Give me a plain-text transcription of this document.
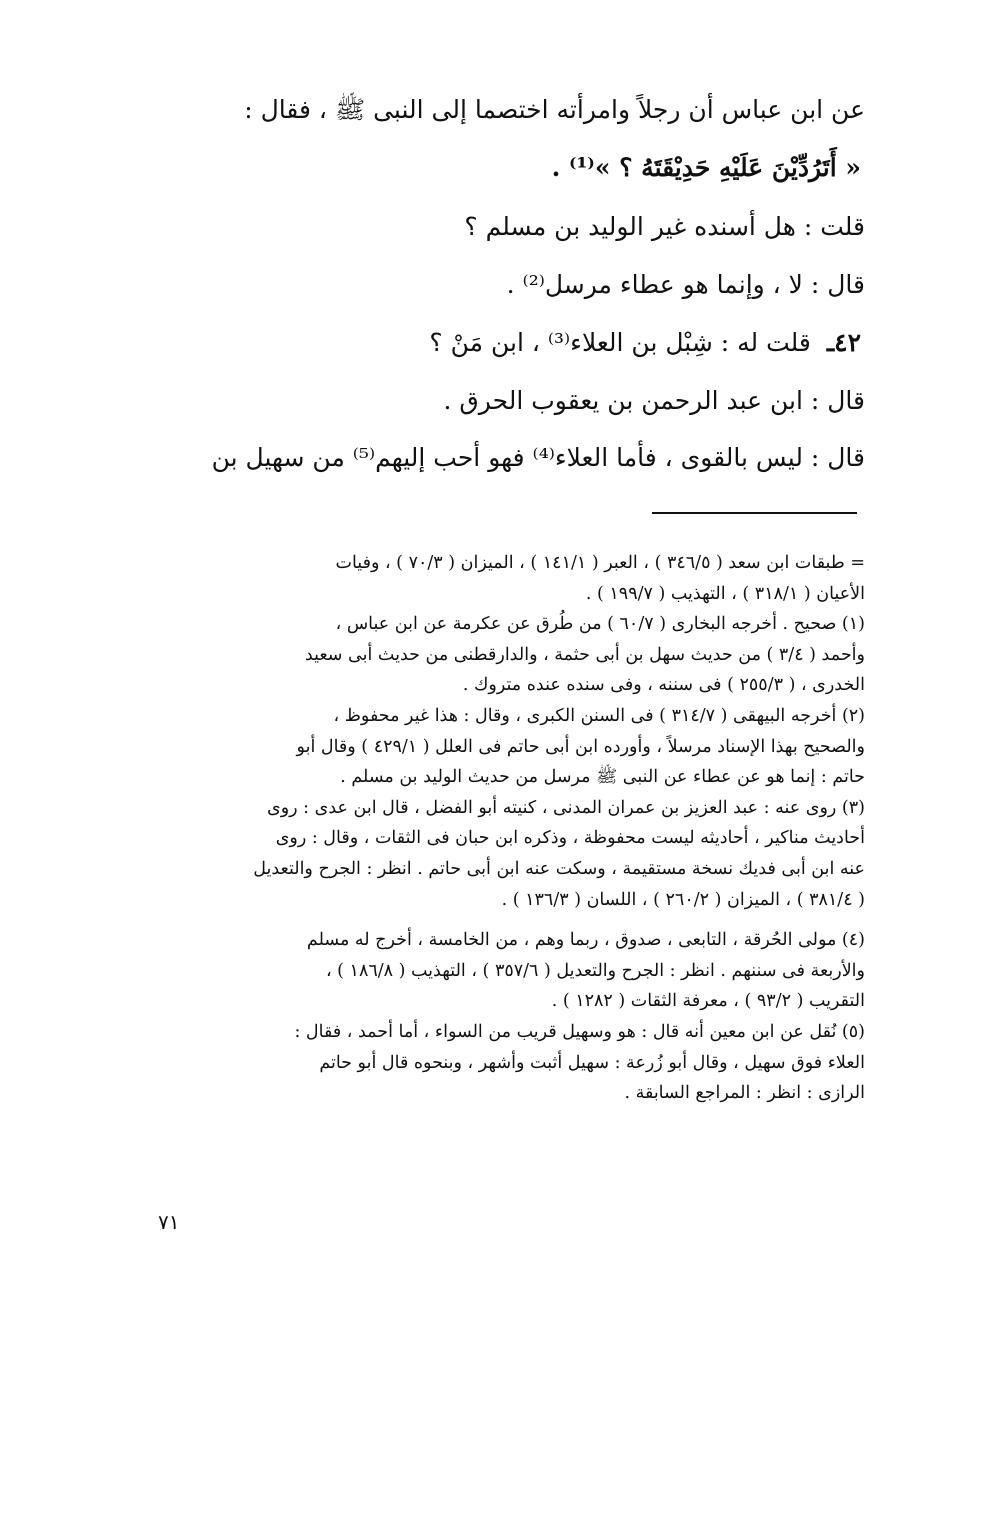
عن ابن عباس أن رجلاً وامرأته اختصما إلى النبى ﷺ ، فقال :
« أَتَرُدِّيْنَ عَلَيْهِ حَدِيْقَتَهُ ؟ »⁽¹⁾ .
قلت : هل أسنده غير الوليد بن مسلم ؟
قال : لا ، وإنما هو عطاء مرسل⁽²⁾ .
٤٢ـ قلت له : شِبْل بن العلاء⁽³⁾ ، ابن مَنْ ؟
قال : ابن عبد الرحمن بن يعقوب الحرق .
قال : ليس بالقوى ، فأما العلاء⁽⁴⁾ فهو أحب إليهم⁽⁵⁾ من سهيل بن
= طبقات ابن سعد ( ٣٤٦/٥ ) ، العبر ( ١٤١/١ ) ، الميزان ( ٧٠/٣ ) ، وفيات
الأعيان ( ٣١٨/١ ) ، التهذيب ( ١٩٩/٧ ) .
(١) صحيح . أخرجه البخارى ( ٦٠/٧ ) من طُرق عن عكرمة عن ابن عباس ،
وأحمد ( ٣/٤ ) من حديث سهل بن أبى حثمة ، والدارقطنى من حديث أبى سعيد
الخدرى ، ( ٢٥٥/٣ ) فى سننه ، وفى سنده عنده متروك .
(٢) أخرجه البيهقى ( ٣١٤/٧ ) فى السنن الكبرى ، وقال : هذا غير محفوظ ،
والصحيح بهذا الإسناد مرسلاً ، وأورده ابن أبى حاتم فى العلل ( ٤٢٩/١ ) وقال أبو
حاتم : إنما هو عن عطاء عن النبى ﷺ مرسل من حديث الوليد بن مسلم .
(٣) روى عنه : عبد العزيز بن عمران المدنى ، كنيته أبو الفضل ، قال ابن عدى : روى
أحاديث مناكير ، أحاديثه ليست محفوظة ، وذكره ابن حبان فى الثقات ، وقال : روى
عنه ابن أبى فديك نسخة مستقيمة ، وسكت عنه ابن أبى حاتم . انظر : الجرح والتعديل
( ٣٨١/٤ ) ، الميزان ( ٢٦٠/٢ ) ، اللسان ( ١٣٦/٣ ) .
(٤) مولى الحُرقة ، التابعى ، صدوق ، ربما وهم ، من الخامسة ، أخرج له مسلم
والأربعة فى سننهم . انظر : الجرح والتعديل ( ٣٥٧/٦ ) ، التهذيب ( ١٨٦/٨ ) ،
التقريب ( ٩٣/٢ ) ، معرفة الثقات ( ١٢٨٢ ) .
(٥) نُقل عن ابن معين أنه قال : هو وسهيل قريب من السواء ، أما أحمد ، فقال :
العلاء فوق سهيل ، وقال أبو زُرعة : سهيل أثبت وأشهر ، وبنحوه قال أبو حاتم
الرازى : انظر : المراجع السابقة .
٧١
